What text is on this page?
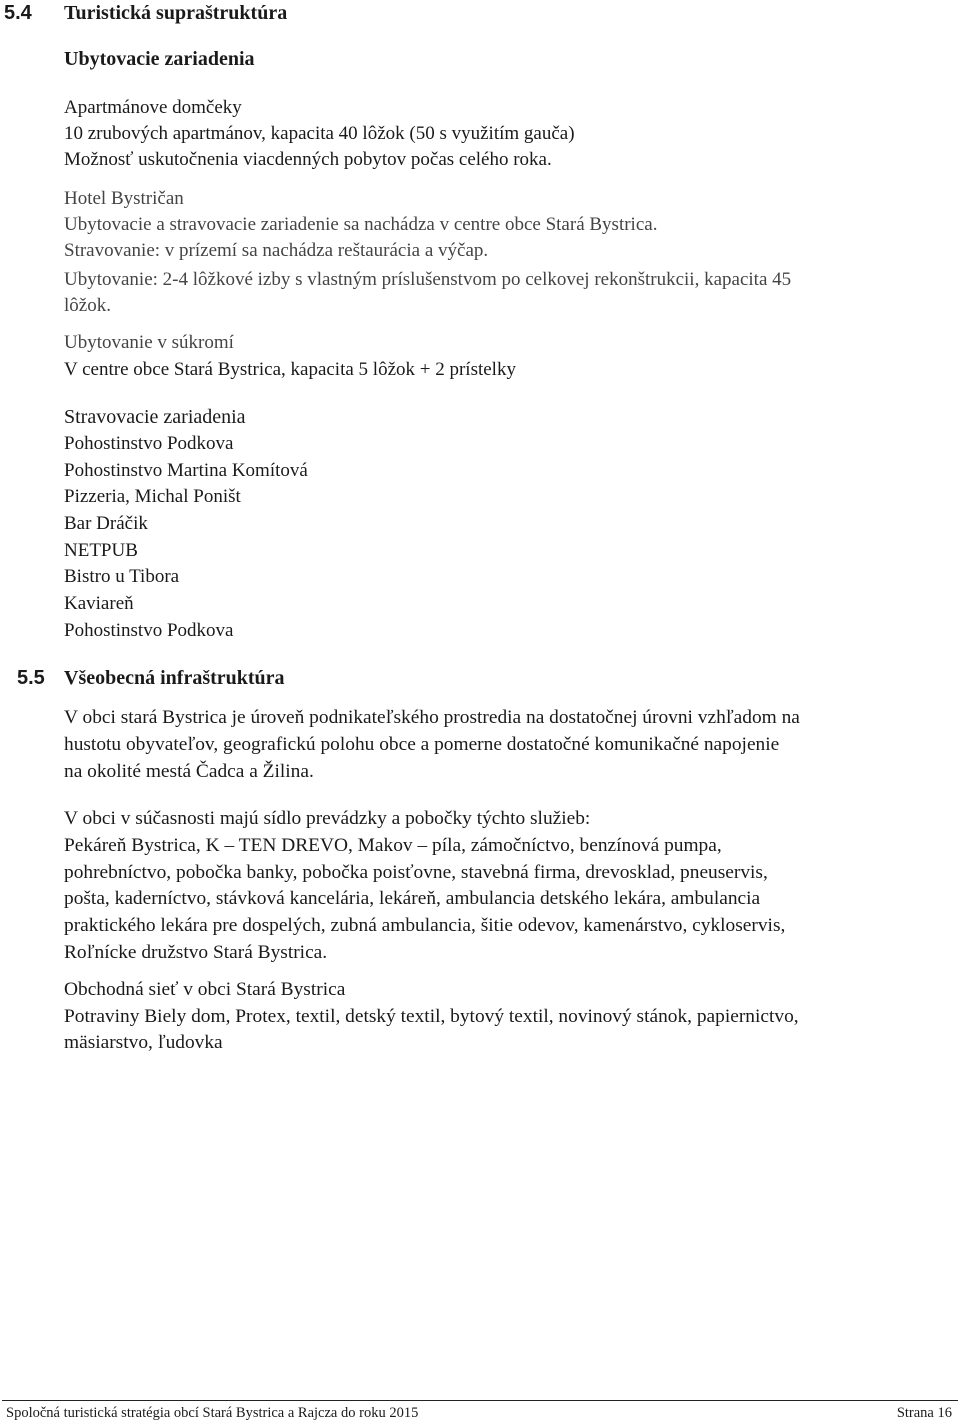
5.4 Turistická supraštruktúra
Ubytovacie zariadenia
Apartmánove domčeky
10 zrubových apartmánov, kapacita 40 lôžok (50 s využitím gauča)
Možnosť uskutočnenia viacdenných pobytov počas celého roka.
Hotel Bystričan
Ubytovacie a stravovacie zariadenie sa nachádza v centre obce Stará Bystrica.
Stravovanie: v prízemí sa nachádza reštaurácia a výčap.
Ubytovanie: 2-4 lôžkové izby s vlastným príslušenstvom po celkovej rekonštrukcii, kapacita 45
lôžok.
Ubytovanie v súkromí
V centre obce Stará Bystrica, kapacita 5 lôžok + 2 prístelky
Stravovacie zariadenia
Pohostinstvo Podkova
Pohostinstvo Martina Komítová
Pizzeria, Michal Poništ
Bar Dráčik
NETPUB
Bistro u Tibora
Kaviareň
Pohostinstvo Podkova
5.5 Všeobecná infraštruktúra
V obci stará Bystrica je úroveň podnikateľského prostredia na dostatočnej úrovni vzhľadom na
hustotu obyvateľov, geografickú polohu obce a pomerne dostatočné komunikačné napojenie
na okolité mestá Čadca a Žilina.
V obci v súčasnosti majú sídlo prevádzky a pobočky týchto služieb:
Pekáreň Bystrica, K – TEN DREVO, Makov – píla, zámočníctvo, benzínová pumpa,
pohrebníctvo, pobočka banky, pobočka poisťovne, stavebná firma, drevosklad, pneuservis,
pošta, kaderníctvo, stávková kancelária, lekáreň, ambulancia detského lekára, ambulancia
praktického lekára pre dospelých, zubná ambulancia, šitie odevov, kamenárstvo, cykloservis,
Roľnícke družstvo Stará Bystrica.
Obchodná sieť v obci Stará Bystrica
Potraviny Biely dom, Protex, textil, detský textil, bytový textil, novinový stánok, papiernictvo,
mäsiarstvo, ľudovka
Spoločná turistická stratégia obcí Stará Bystrica a Rajcza do roku 2015	Strana 16
